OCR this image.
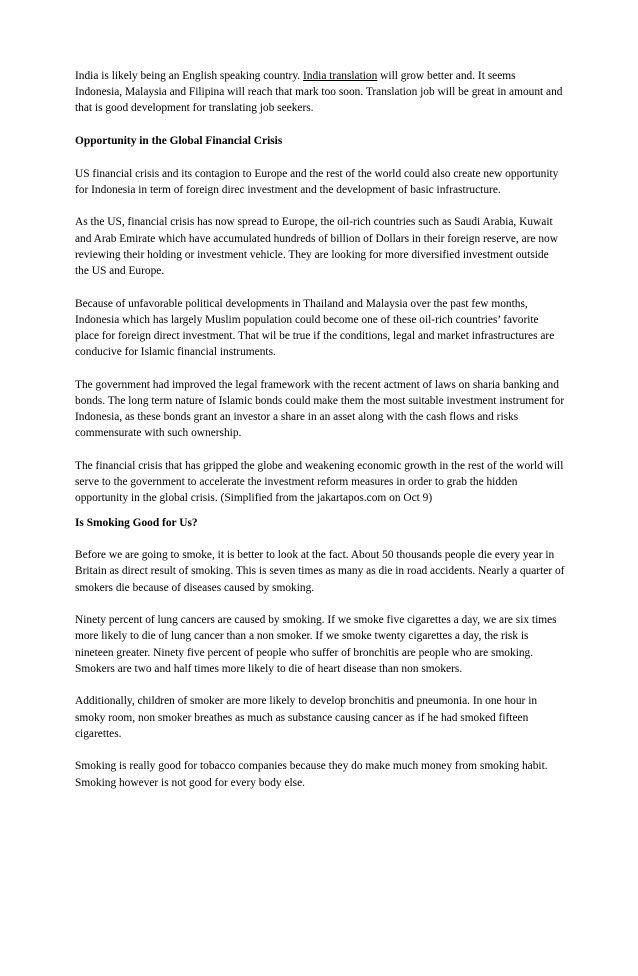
India is likely being an English speaking country. India translation will grow better and. It seems Indonesia, Malaysia and Filipina will reach that mark too soon. Translation job will be great in amount and that is good development for translating job seekers.

Opportunity in the Global Financial Crisis

US financial crisis and its contagion to Europe and the rest of the world could also create new opportunity for Indonesia in term of foreign direc investment and the development of basic infrastructure.

As the US, financial crisis has now spread to Europe, the oil-rich countries such as Saudi Arabia, Kuwait and Arab Emirate which have accumulated hundreds of billion of Dollars in their foreign reserve, are now reviewing their holding or investment vehicle. They are looking for more diversified investment outside the US and Europe.

Because of unfavorable political developments in Thailand and Malaysia over the past few months, Indonesia which has largely Muslim population could become one of these oil-rich countries’ favorite place for foreign direct investment. That wil be true if the conditions, legal and market infrastructures are conducive for Islamic financial instruments.

The government had improved the legal framework with the recent actment of laws on sharia banking and bonds. The long term nature of Islamic bonds could make them the most suitable investment instrument for Indonesia, as these bonds grant an investor a share in an asset along with the cash flows and risks commensurate with such ownership.

The financial crisis that has gripped the globe and weakening economic growth in the rest of the world will serve to the government to accelerate the investment reform measures in order to grab the hidden opportunity in the global crisis. (Simplified from the jakartapos.com on Oct 9)

Is Smoking Good for Us?

Before we are going to smoke, it is better to look at the fact. About 50 thousands people die every year in Britain as direct result of smoking. This is seven times as many as die in road accidents. Nearly a quarter of smokers die because of diseases caused by smoking.

Ninety percent of lung cancers are caused by smoking. If we smoke five cigarettes a day, we are six times more likely to die of lung cancer than a non smoker. If we smoke twenty cigarettes a day, the risk is nineteen greater. Ninety five percent of people who suffer of bronchitis are people who are smoking. Smokers are two and half times more likely to die of heart disease than non smokers.

Additionally, children of smoker are more likely to develop bronchitis and pneumonia. In one hour in smoky room, non smoker breathes as much as substance causing cancer as if he had smoked fifteen cigarettes.

Smoking is really good for tobacco companies because they do make much money from smoking habit. Smoking however is not good for every body else.
